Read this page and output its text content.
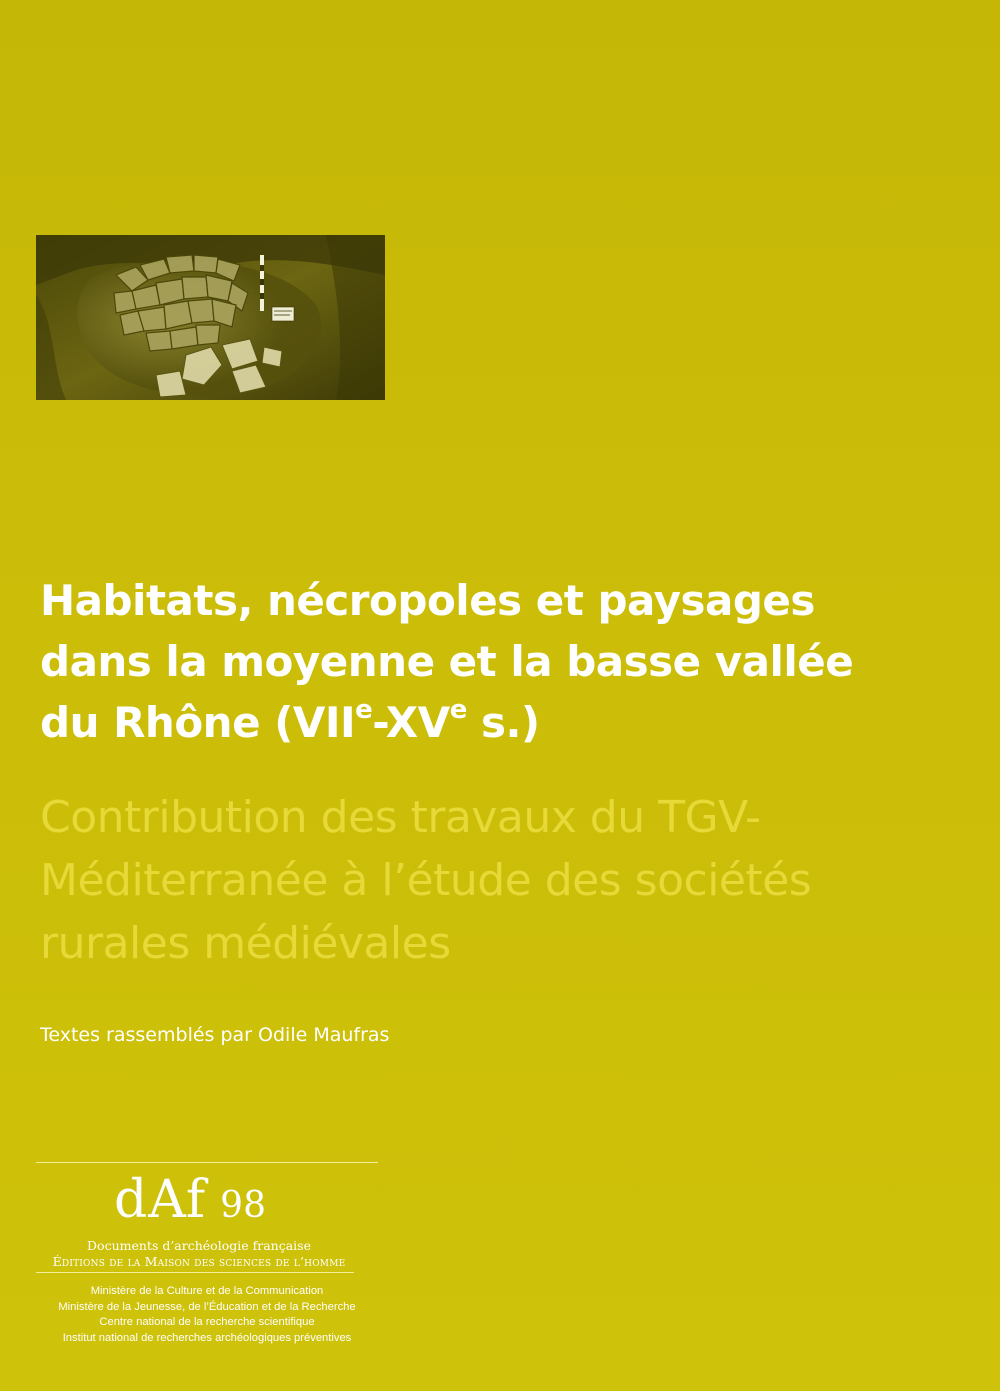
Habitats, nécropoles et paysages
dans la moyenne et la basse vallée
du Rhône (VIIe-XVe s.)
Contribution des travaux du TGV-
Méditerranée à l’étude des sociétés
rurales médiévales
Textes rassemblés par Odile Maufras
dAf 98
Documents d’archéologie française
Éditions de la Maison des sciences de l’homme
Ministère de la Culture et de la Communication
Ministère de la Jeunesse, de l’Éducation et de la Recherche
Centre national de la recherche scientifique
Institut national de recherches archéologiques préventives
